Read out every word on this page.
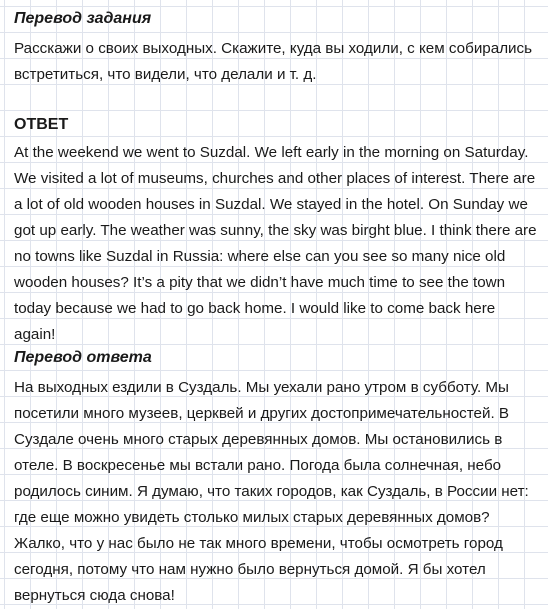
Перевод задания

Расскажи о своих выходных. Скажите, куда вы ходили, с кем собирались встретиться, что видели, что делали и т. д.

ОТВЕТ

At the weekend we went to Suzdal. We left early in the morning on Saturday. We visited a lot of museums, churches and other places of interest. There are a lot of old wooden houses in Suzdal. We stayed in the hotel. On Sunday we got up early. The weather was sunny, the sky was birght blue. I think there are no towns like Suzdal in Russia: where else can you see so many nice old wooden houses? It’s a pity that we didn’t have much time to see the town today because we had to go back home. I would like to come back here again!

Перевод ответа

На выходных ездили в Суздаль. Мы уехали рано утром в субботу. Мы посетили много музеев, церквей и других достопримечательностей. В Суздале очень много старых деревянных домов. Мы остановились в отеле. В воскресенье мы встали рано. Погода была солнечная, небо родилось синим. Я думаю, что таких городов, как Суздаль, в России нет: где еще можно увидеть столько милых старых деревянных домов? Жалко, что у нас было не так много времени, чтобы осмотреть город сегодня, потому что нам нужно было вернуться домой. Я бы хотел вернуться сюда снова!
